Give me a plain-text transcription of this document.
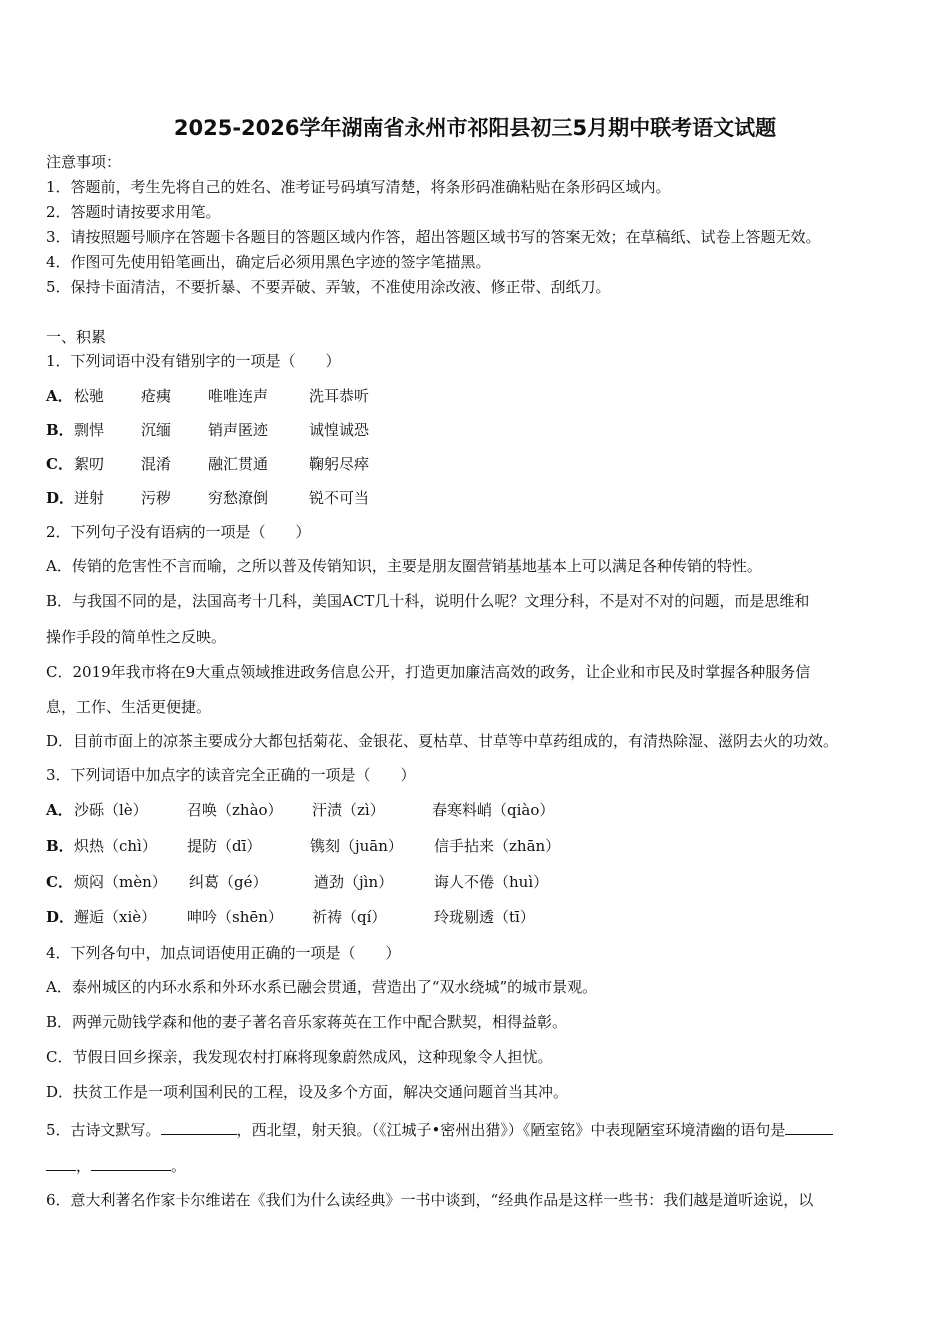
2025-2026学年湖南省永州市祁阳县初三5月期中联考语文试题
注意事项：
1．答题前，考生先将自己的姓名、准考证号码填写清楚，将条形码准确粘贴在条形码区域内。
2．答题时请按要求用笔。
3．请按照题号顺序在答题卡各题目的答题区域内作答，超出答题区域书写的答案无效；在草稿纸、试卷上答题无效。
4．作图可先使用铅笔画出，确定后必须用黑色字迹的签字笔描黑。
5．保持卡面清洁，不要折暴、不要弄破、弄皱，不准使用涂改液、修正带、刮纸刀。
一、积累
1．下列词语中没有错别字的一项是（　　）
A． 松驰 疮痍 唯唯连声	洗耳恭听
B． 剽悍 沉缅 销声匿迹	诚惶诚恐
C． 絮叨 混淆 融汇贯通	鞠躬尽瘁
D． 迸射 污秽 穷愁潦倒	锐不可当
2．下列句子没有语病的一项是（　　）
A．传销的危害性不言而喻，之所以普及传销知识，主要是朋友圈营销基地基本上可以满足各种传销的特性。
B．与我国不同的是，法国高考十几科，美国ACT几十科，说明什么呢？文理分科，不是对不对的问题，而是思维和
操作手段的简单性之反映。
C．2019年我市将在9大重点领域推进政务信息公开，打造更加廉洁高效的政务，让企业和市民及时掌握各种服务信
息，工作、生活更便捷。
D．目前市面上的凉茶主要成分大都包括菊花、金银花、夏枯草、甘草等中草药组成的，有清热除湿、滋阴去火的功效。
3．下列词语中加点字的读音完全正确的一项是（　　）
A． 沙砾（lè）	召唤（zhào） 汗渍（zì）	春寒料峭（qiào）
B． 炽热（chì） 提防（dī）	镌刻（juān） 信手拈来（zhān）
C． 烦闷（mèn） 纠葛（gé）	遒劲（jìn）	诲人不倦（huì）
D． 邂逅（xiè） 呻吟（shēn） 祈祷（qí）	玲珑剔透（tī）
4．下列各句中，加点词语使用正确的一项是（　　）
A．泰州城区的内环水系和外环水系已融会贯通，营造出了“双水绕城”的城市景观。
B．两弹元勋钱学森和他的妻子著名音乐家蒋英在工作中配合默契，相得益彰。
C．节假日回乡探亲，我发现农村打麻将现象蔚然成风，这种现象令人担忧。
D．扶贫工作是一项利国利民的工程，设及多个方面，解决交通问题首当其冲。
5．古诗文默写。	，西北望，射天狼。（《江城子•密州出猎》）《陋室铭》中表现陋室环境清幽的语句是
，	。
6．意大利著名作家卡尔维诺在《我们为什么读经典》一书中谈到，“经典作品是这样一些书：我们越是道听途说，以
